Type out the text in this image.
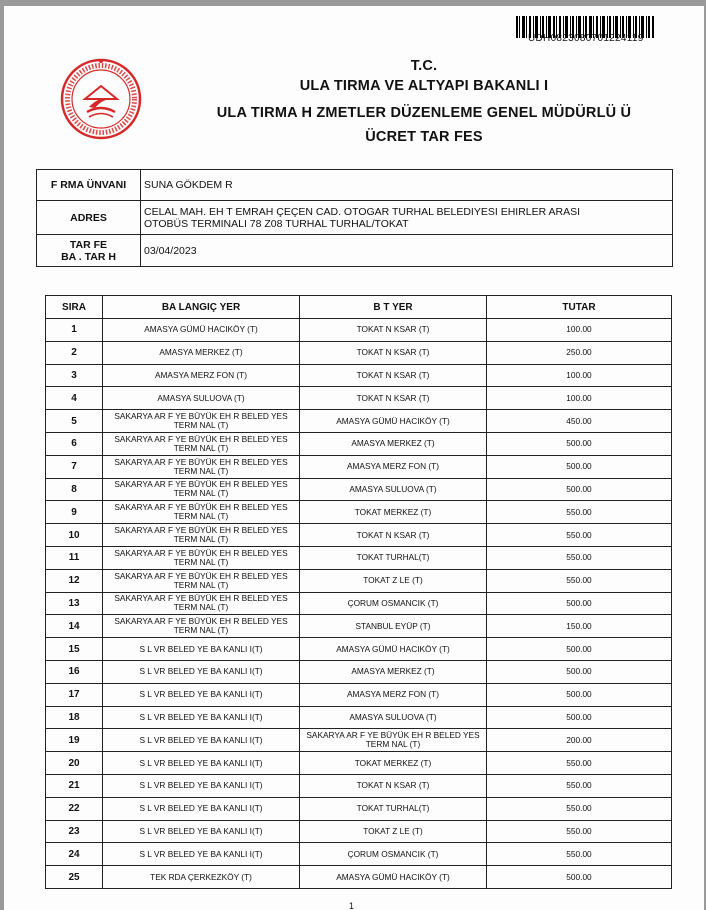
UDH0823080701224119
T.C.
ULA TIRMA VE ALTYAPI BAKANLI I
ULA TIRMA H ZMETLER DÜZENLEME GENEL MÜDÜRLÜ Ü
ÜCRET TAR FES
F RMA ÜNVANI	SUNA GÖKDEM R
ADRES	CELAL MAH. EH T EMRAH ÇEÇEN CAD. OTOGAR TURHAL BELEDIYESI EHIRLER ARASI
OTOBÜS TERMINALI 78 Z08 TURHAL TURHAL/TOKAT

TAR FE
BA . TAR H	03/04/2023
SIRA	BA LANGIÇ YER	B T YER	TUTAR
1	AMASYA GÜMÜ HACIKÖY (T)	TOKAT N KSAR (T)	100.00
2	AMASYA MERKEZ (T)	TOKAT N KSAR (T)	250.00
3	AMASYA MERZ FON (T)	TOKAT N KSAR (T)	100.00
4	AMASYA SULUOVA (T)	TOKAT N KSAR (T)	100.00
5	SAKARYA AR F YE BÜYÜK EH R BELED YES TERM NAL (T)	AMASYA GÜMÜ HACIKÖY (T)	450.00
6	SAKARYA AR F YE BÜYÜK EH R BELED YES TERM NAL (T)	AMASYA MERKEZ (T)	500.00
7	SAKARYA AR F YE BÜYÜK EH R BELED YES TERM NAL (T)	AMASYA MERZ FON (T)	500.00
8	SAKARYA AR F YE BÜYÜK EH R BELED YES TERM NAL (T)	AMASYA SULUOVA (T)	500.00
9	SAKARYA AR F YE BÜYÜK EH R BELED YES TERM NAL (T)	TOKAT MERKEZ (T)	550.00
10	SAKARYA AR F YE BÜYÜK EH R BELED YES TERM NAL (T)	TOKAT N KSAR (T)	550.00
11	SAKARYA AR F YE BÜYÜK EH R BELED YES TERM NAL (T)	TOKAT TURHAL(T)	550.00
12	SAKARYA AR F YE BÜYÜK EH R BELED YES TERM NAL (T)	TOKAT Z LE (T)	550.00
13	SAKARYA AR F YE BÜYÜK EH R BELED YES TERM NAL (T)	ÇORUM OSMANCIK (T)	500.00
14	SAKARYA AR F YE BÜYÜK EH R BELED YES TERM NAL (T)	STANBUL EYÜP (T)	150.00
15	S L VR BELED YE BA KANLI I(T)	AMASYA GÜMÜ HACIKÖY (T)	500.00
16	S L VR BELED YE BA KANLI I(T)	AMASYA MERKEZ (T)	500.00
17	S L VR BELED YE BA KANLI I(T)	AMASYA MERZ FON (T)	500.00
18	S L VR BELED YE BA KANLI I(T)	AMASYA SULUOVA (T)	500.00
19	S L VR BELED YE BA KANLI I(T)	SAKARYA AR F YE BÜYÜK EH R BELED YES TERM NAL (T)	200.00
20	S L VR BELED YE BA KANLI I(T)	TOKAT MERKEZ (T)	550.00
21	S L VR BELED YE BA KANLI I(T)	TOKAT N KSAR (T)	550.00
22	S L VR BELED YE BA KANLI I(T)	TOKAT TURHAL(T)	550.00
23	S L VR BELED YE BA KANLI I(T)	TOKAT Z LE (T)	550.00
24	S L VR BELED YE BA KANLI I(T)	ÇORUM OSMANCIK (T)	550.00
25	TEK RDA ÇERKEZKÖY (T)	AMASYA GÜMÜ HACIKÖY (T)	500.00
1
